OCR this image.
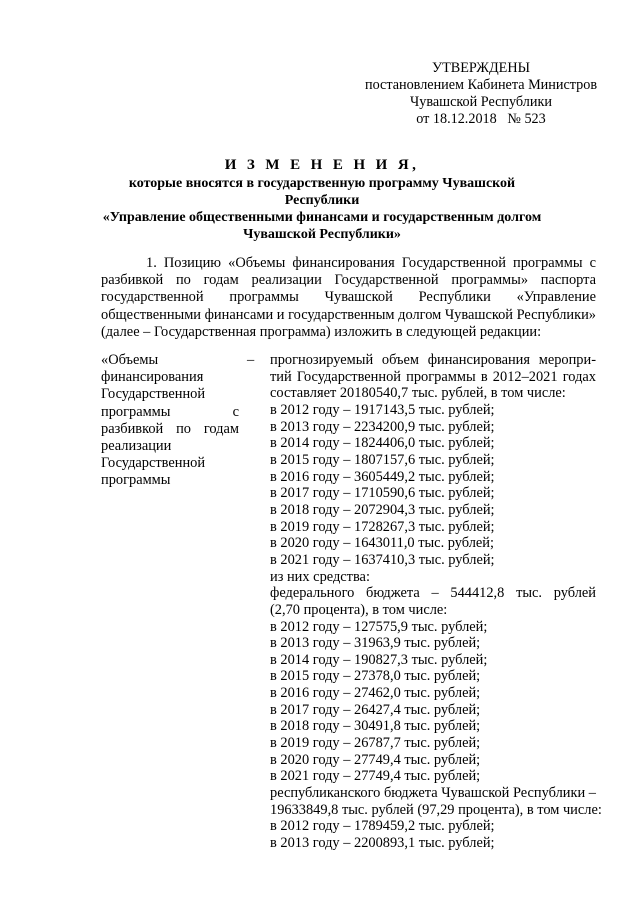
УТВЕРЖДЕНЫ
постановлением Кабинета Министров
Чувашской Республики
от 18.12.2018   № 523
И З М Е Н Е Н И Я,
которые вносятся в государственную программу Чувашской Республики
«Управление общественными финансами и государственным долгом
Чувашской Республики»

1. Позицию «Объемы финансирования Государственной программы с разбивкой по годам реализации Государственной программы» паспорта государственной программы Чувашской Республики «Управление общественными финансами и государственным долгом Чувашской Республики» (далее – Государственная программа) изложить в следующей редакции:

«Объемы финансирования Государственной программы с разбивкой по годам реализации Государственной программы
– прогнозируемый объем финансирования меропри-
тий Государственной программы в 2012–2021 годах
составляет 20180540,7 тыс. рублей, в том числе:
в 2012 году – 1917143,5 тыс. рублей;
в 2013 году – 2234200,9 тыс. рублей;
в 2014 году – 1824406,0 тыс. рублей;
в 2015 году – 1807157,6 тыс. рублей;
в 2016 году – 3605449,2 тыс. рублей;
в 2017 году – 1710590,6 тыс. рублей;
в 2018 году – 2072904,3 тыс. рублей;
в 2019 году – 1728267,3 тыс. рублей;
в 2020 году – 1643011,0 тыс. рублей;
в 2021 году – 1637410,3 тыс. рублей;
из них средства:
федерального бюджета – 544412,8 тыс. рублей
(2,70 процента), в том числе:
в 2012 году – 127575,9 тыс. рублей;
в 2013 году – 31963,9 тыс. рублей;
в 2014 году – 190827,3 тыс. рублей;
в 2015 году – 27378,0 тыс. рублей;
в 2016 году – 27462,0 тыс. рублей;
в 2017 году – 26427,4 тыс. рублей;
в 2018 году – 30491,8 тыс. рублей;
в 2019 году – 26787,7 тыс. рублей;
в 2020 году – 27749,4 тыс. рублей;
в 2021 году – 27749,4 тыс. рублей;
республиканского бюджета Чувашской Республики –
19633849,8 тыс. рублей (97,29 процента), в том числе:
в 2012 году – 1789459,2 тыс. рублей;
в 2013 году – 2200893,1 тыс. рублей;
